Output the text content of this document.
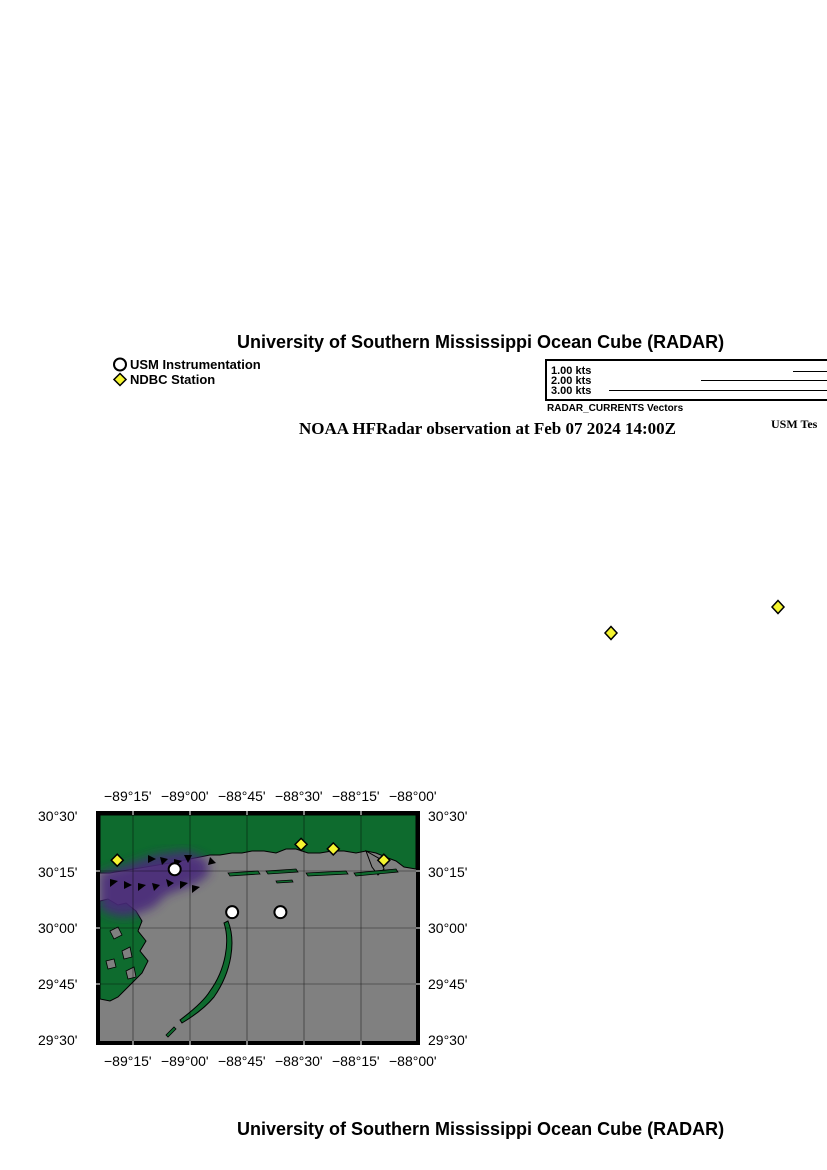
University of Southern Mississippi Ocean Cube (RADAR)
USM Instrumentation
NDBC Station
1.00 kts
2.00 kts
3.00 kts
RADAR_CURRENTS Vectors
NOAA HFRadar observation at Feb 07 2024 14:00Z	USM Tes
−89°15' −89°00' −88°45' −88°30' −88°15' −88°00'
−89°15' −89°00' −88°45' −88°30' −88°15' −88°00'
30°30'
30°15'
30°00'
29°45'
29°30'
30°30'
30°15'
30°00'
29°45'
29°30'
University of Southern Mississippi Ocean Cube (RADAR)
